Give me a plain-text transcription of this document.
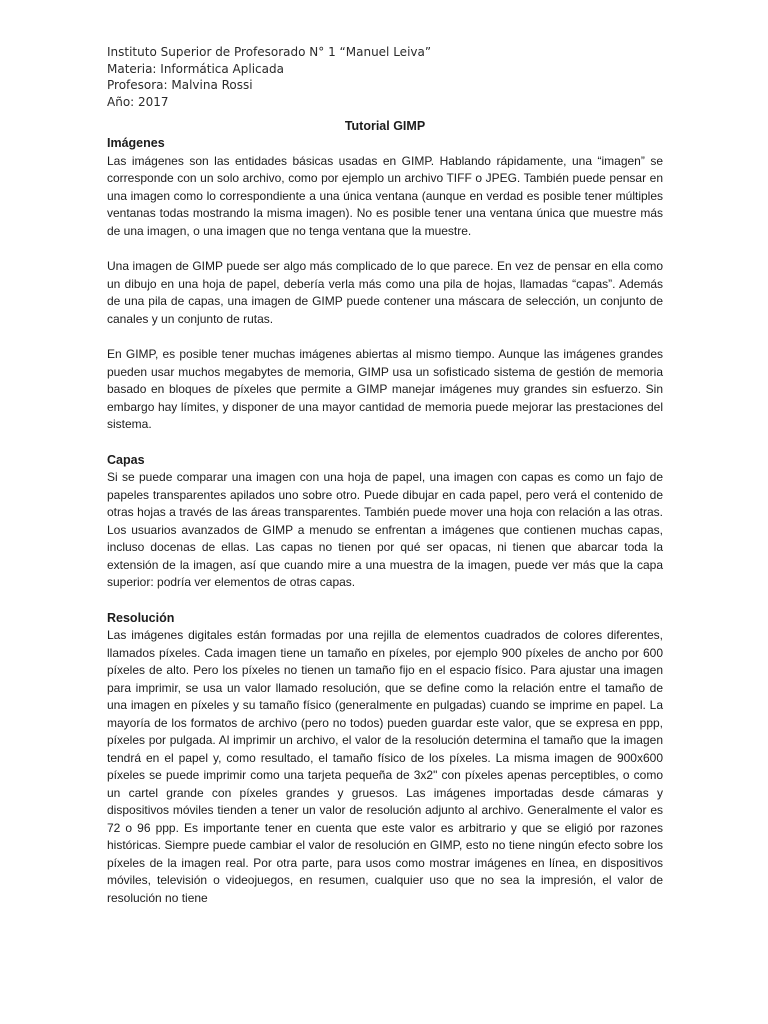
Instituto Superior de Profesorado N° 1 “Manuel Leiva”
Materia: Informática Aplicada
Profesora: Malvina Rossi
Año: 2017
Tutorial GIMP
Imágenes

Las imágenes son las entidades básicas usadas en GIMP. Hablando rápidamente, una “imagen” se corresponde con un solo archivo, como por ejemplo un archivo TIFF o JPEG. También puede pensar en una imagen como lo correspondiente a una única ventana (aunque en verdad es posible tener múltiples ventanas todas mostrando la misma imagen). No es posible tener una ventana única que muestre más de una imagen, o una imagen que no tenga ventana que la muestre.

Una imagen de GIMP puede ser algo más complicado de lo que parece. En vez de pensar en ella como un dibujo en una hoja de papel, debería verla más como una pila de hojas, llamadas “capas”. Además de una pila de capas, una imagen de GIMP puede contener una máscara de selección, un conjunto de canales y un conjunto de rutas.

En GIMP, es posible tener muchas imágenes abiertas al mismo tiempo. Aunque las imágenes grandes pueden usar muchos megabytes de memoria, GIMP usa un sofisticado sistema de gestión de memoria basado en bloques de píxeles que permite a GIMP manejar imágenes muy grandes sin esfuerzo. Sin embargo hay límites, y disponer de una mayor cantidad de memoria puede mejorar las prestaciones del sistema.

Capas

Si se puede comparar una imagen con una hoja de papel, una imagen con capas es como un fajo de papeles transparentes apilados uno sobre otro. Puede dibujar en cada papel, pero verá el contenido de otras hojas a través de las áreas transparentes. También puede mover una hoja con relación a las otras. Los usuarios avanzados de GIMP a menudo se enfrentan a imágenes que contienen muchas capas, incluso docenas de ellas. Las capas no tienen por qué ser opacas, ni tienen que abarcar toda la extensión de la imagen, así que cuando mire a una muestra de la imagen, puede ver más que la capa superior: podría ver elementos de otras capas.

Resolución

Las imágenes digitales están formadas por una rejilla de elementos cuadrados de colores diferentes, llamados píxeles. Cada imagen tiene un tamaño en píxeles, por ejemplo 900 píxeles de ancho por 600 píxeles de alto. Pero los píxeles no tienen un tamaño fijo en el espacio físico. Para ajustar una imagen para imprimir, se usa un valor llamado resolución, que se define como la relación entre el tamaño de una imagen en píxeles y su tamaño físico (generalmente en pulgadas) cuando se imprime en papel. La mayoría de los formatos de archivo (pero no todos) pueden guardar este valor, que se expresa en ppp, píxeles por pulgada. Al imprimir un archivo, el valor de la resolución determina el tamaño que la imagen tendrá en el papel y, como resultado, el tamaño físico de los píxeles. La misma imagen de 900x600 píxeles se puede imprimir como una tarjeta pequeña de 3x2" con píxeles apenas perceptibles, o como un cartel grande con píxeles grandes y gruesos. Las imágenes importadas desde cámaras y dispositivos móviles tienden a tener un valor de resolución adjunto al archivo. Generalmente el valor es 72 o 96 ppp. Es importante tener en cuenta que este valor es arbitrario y que se eligió por razones históricas. Siempre puede cambiar el valor de resolución en GIMP, esto no tiene ningún efecto sobre los píxeles de la imagen real. Por otra parte, para usos como mostrar imágenes en línea, en dispositivos móviles, televisión o videojuegos, en resumen, cualquier uso que no sea la impresión, el valor de resolución no tiene
